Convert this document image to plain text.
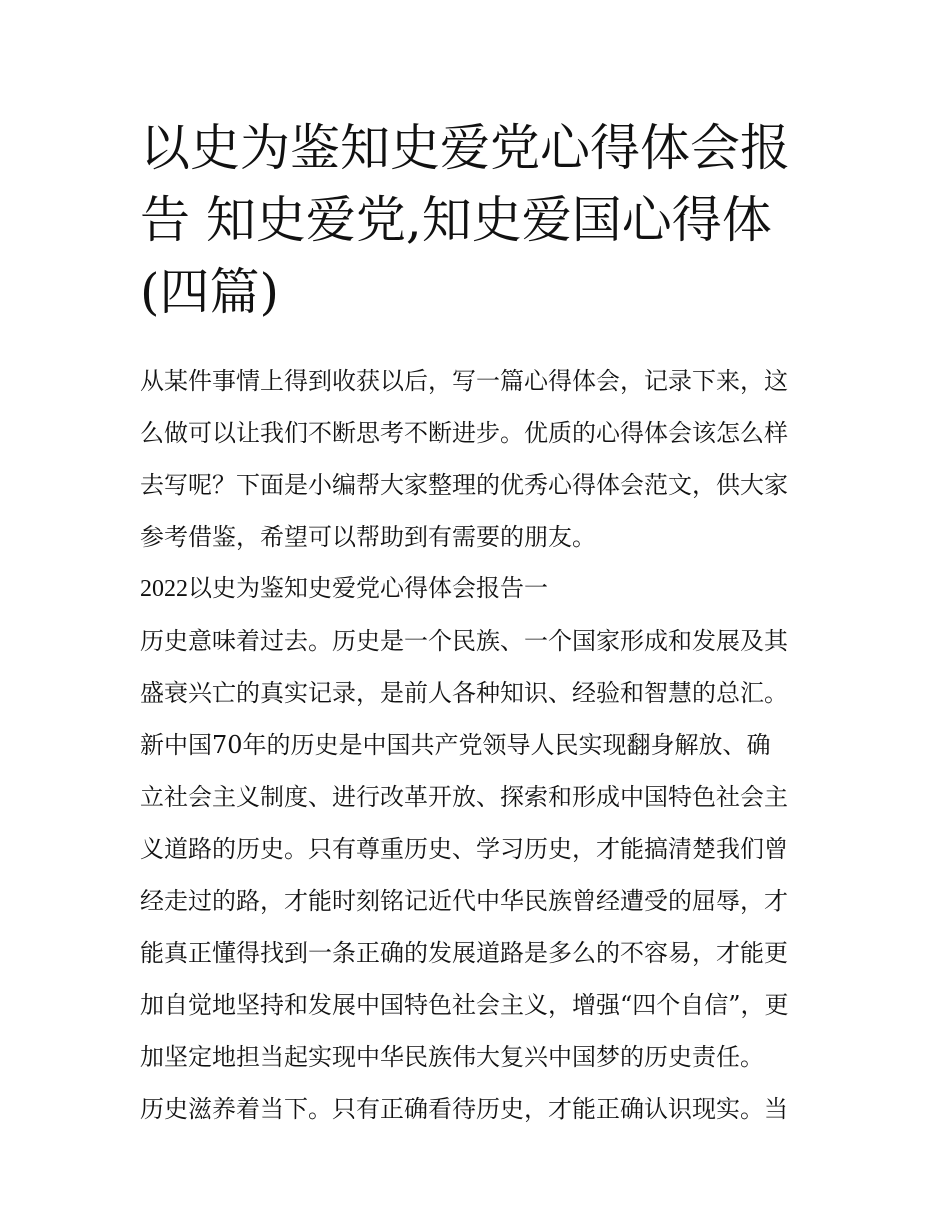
以史为鉴知史爱党心得体会报
告 知史爱党,知史爱国心得体
(四篇)
从某件事情上得到收获以后，写一篇心得体会，记录下来，这
么做可以让我们不断思考不断进步。优质的心得体会该怎么样
去写呢？下面是小编帮大家整理的优秀心得体会范文，供大家
参考借鉴，希望可以帮助到有需要的朋友。
2022以史为鉴知史爱党心得体会报告一
历史意味着过去。历史是一个民族、一个国家形成和发展及其
盛衰兴亡的真实记录，是前人各种知识、经验和智慧的总汇。
新中国70年的历史是中国共产党领导人民实现翻身解放、确
立社会主义制度、进行改革开放、探索和形成中国特色社会主
义道路的历史。只有尊重历史、学习历史，才能搞清楚我们曾
经走过的路，才能时刻铭记近代中华民族曾经遭受的屈辱，才
能真正懂得找到一条正确的发展道路是多么的不容易，才能更
加自觉地坚持和发展中国特色社会主义，增强“四个自信”，更
加坚定地担当起实现中华民族伟大复兴中国梦的历史责任。
历史滋养着当下。只有正确看待历史，才能正确认识现实。当
